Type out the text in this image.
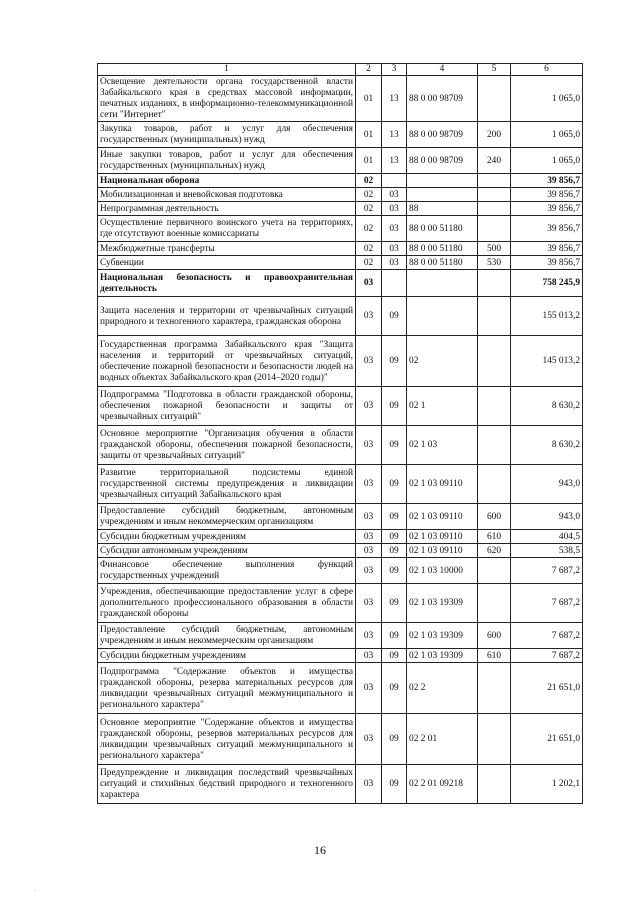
1	2	3	4	5	6
Освещение деятельности органа государственной власти Забайкальского края в средствах массовой информации, печатных изданиях, в информационно-телекоммуникационной сети "Интернет"	01	13	88 0 00 98709		1 065,0
Закупка товаров, работ и услуг для обеспечения государственных (муниципальных) нужд	01	13	88 0 00 98709	200	1 065,0
Иные закупки товаров, работ и услуг для обеспечения государственных (муниципальных) нужд	01	13	88 0 00 98709	240	1 065,0
Национальная оборона	02				39 856,7
Мобилизационная и вневойсковая подготовка	02	03			39 856,7
Непрограммная деятельность	02	03	88		39 856,7
Осуществление первичного воинского учета на территориях, где отсутствуют военные комиссариаты	02	03	88 0 00 51180		39 856,7
Межбюджетные трансферты	02	03	88 0 00 51180	500	39 856,7
Субвенции	02	03	88 0 00 51180	530	39 856,7
Национальная безопасность и правоохранительная деятельность	03				758 245,9
Защита населения и территории от чрезвычайных ситуаций природного и техногенного характера, гражданская оборона	03	09			155 013,2
Государственная программа Забайкальского края "Защита населения и территорий от чрезвычайных ситуаций, обеспечение пожарной безопасности и безопасности людей на водных объектах Забайкальского края (2014–2020 годы)"	03	09	02		145 013,2
Подпрограмма "Подготовка в области гражданской обороны, обеспечения пожарной безопасности и защиты от чрезвычайных ситуаций"	03	09	02 1		8 630,2
Основное мероприятие "Организация обучения в области гражданской обороны, обеспечения пожарной безопасности, защиты от чрезвычайных ситуаций"	03	09	02 1 03		8 630,2
Развитие территориальной подсистемы единой государственной системы предупреждения и ликвидации чрезвычайных ситуаций Забайкальского края	03	09	02 1 03 09110		943,0
Предоставление субсидий бюджетным, автономным учреждениям и иным некоммерческим организациям	03	09	02 1 03 09110	600	943,0
Субсидии бюджетным учреждениям	03	09	02 1 03 09110	610	404,5
Субсидии автономным учреждениям	03	09	02 1 03 09110	620	538,5
Финансовое обеспечение выполнения функций государственных учреждений	03	09	02 1 03 10000		7 687,2
Учреждения, обеспечивающие предоставление услуг в сфере дополнительного профессионального образования в области гражданской обороны	03	09	02 1 03 19309		7 687,2
Предоставление субсидий бюджетным, автономным учреждениям и иным некоммерческим организациям	03	09	02 1 03 19309	600	7 687,2
Субсидии бюджетным учреждениям	03	09	02 1 03 19309	610	7 687,2
Подпрограмма "Содержание объектов и имущества гражданской обороны, резерва материальных ресурсов для ликвидации чрезвычайных ситуаций межмуниципального и регионального характера"	03	09	02 2		21 651,0
Основное мероприятие "Содержание объектов и имущества гражданской обороны, резервов материальных ресурсов для ликвидации чрезвычайных ситуаций межмуниципального и регионального характера"	03	09	02 2 01		21 651,0
Предупреждение и ликвидация последствий чрезвычайных ситуаций и стихийных бедствий природного и техногенного характера	03	09	02 2 01 09218		1 202,1
16
·
